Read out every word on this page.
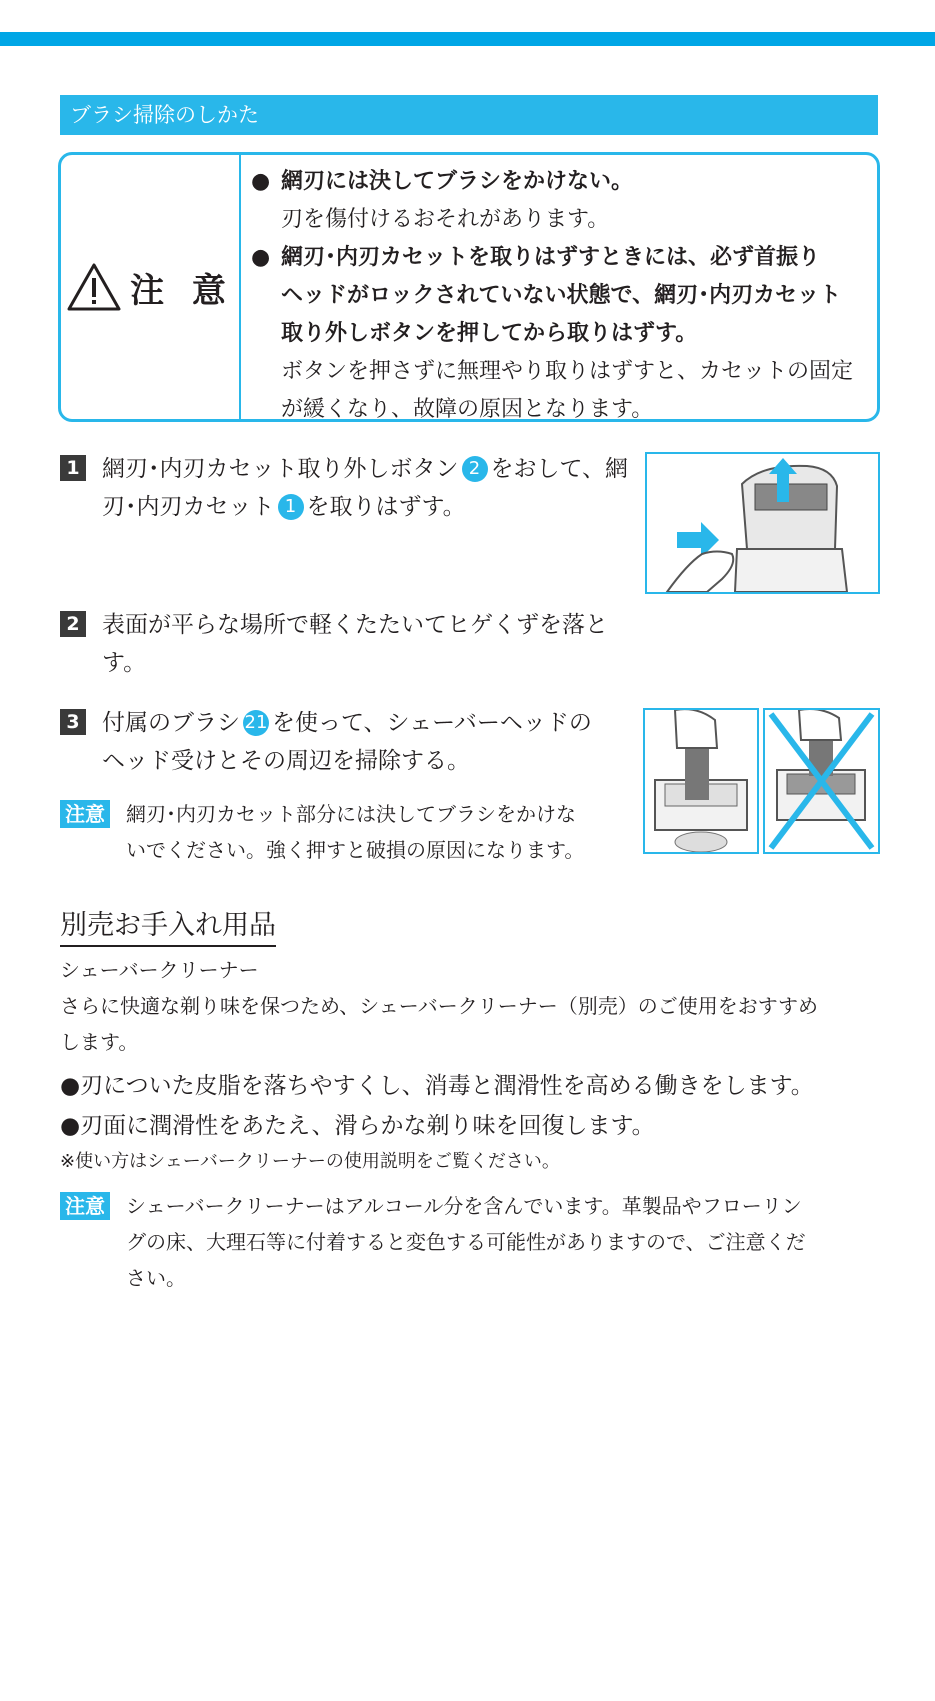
ブラシ掃除のしかた
注 意
● 網刃には決してブラシをかけない。
刃を傷付けるおそれがあります。
● 網刃･内刃カセットを取りはずすときには、必ず首振り
ヘッドがロックされていない状態で、網刃･内刃カセット
取り外しボタンを押してから取りはずす。
ボタンを押さずに無理やり取りはずすと、カセットの固定
が緩くなり、故障の原因となります。
1 網刃･内刃カセット取り外しボタン 2 をおして、網
刃･内刃カセット 1 を取りはずす。
2 表面が平らな場所で軽くたたいてヒゲくずを落と
す。
3 付属のブラシ 21 を使って、シェーバーヘッドの
ヘッド受けとその周辺を掃除する。
注意 網刃･内刃カセット部分には決してブラシをかけな
いでください。強く押すと破損の原因になります。
別売お手入れ用品
シェーバークリーナー
さらに快適な剃り味を保つため、シェーバークリーナー（別売）のご使用をおすすめ
します。
●刃についた皮脂を落ちやすくし、消毒と潤滑性を高める働きをします。
●刃面に潤滑性をあたえ、滑らかな剃り味を回復します。
※使い方はシェーバークリーナーの使用説明をご覧ください。
注意 シェーバークリーナーはアルコール分を含んでいます。革製品やフローリン
グの床、大理石等に付着すると変色する可能性がありますので、ご注意くだ
さい。
